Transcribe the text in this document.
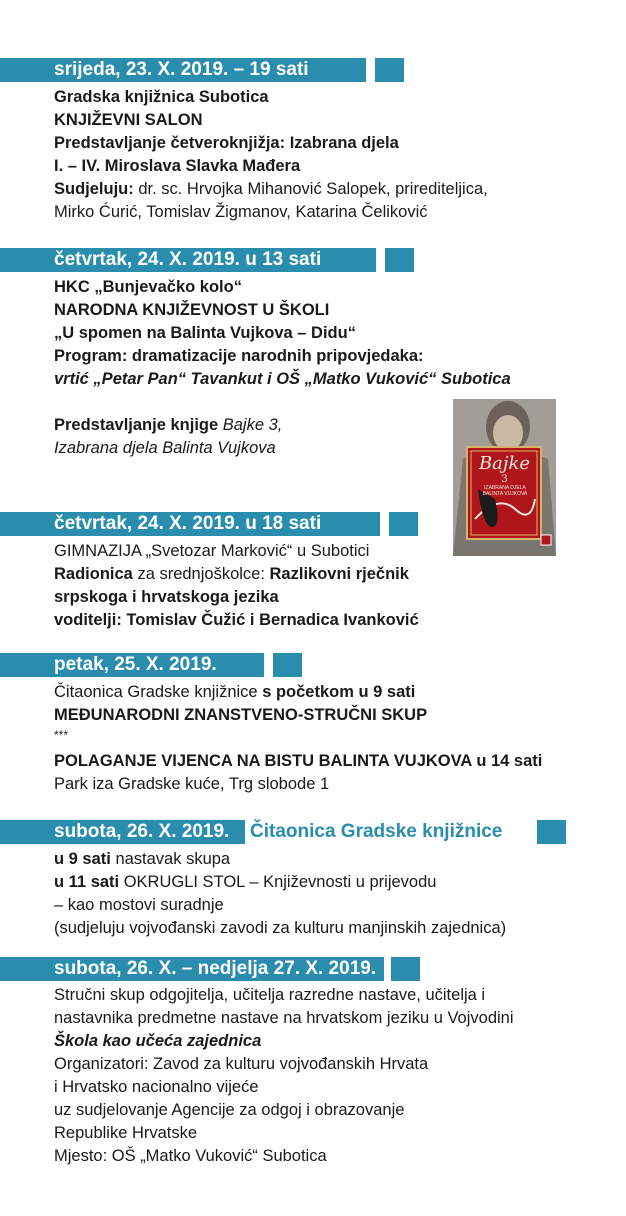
srijeda, 23. X. 2019. – 19 sati
Gradska knjižnica Subotica
KNJIŽEVNI SALON
Predstavljanje četveroknjižja: Izabrana djela
I. – IV. Miroslava Slavka Mađera
Sudjeluju: dr. sc. Hrvojka Mihanović Salopek, prirediteljica,
Mirko Ćurić, Tomislav Žigmanov, Katarina Čeliković
četvrtak, 24. X. 2019. u 13 sati
HKC „Bunjevačko kolo“
NARODNA KNJIŽEVNOST U ŠKOLI
„U spomen na Balinta Vujkova – Didu“
Program: dramatizacije narodnih pripovjedaka:
vrtić „Petar Pan“ Tavankut i OŠ „Matko Vuković“ Subotica
Predstavljanje knjige Bajke 3,
Izabrana djela Balinta Vujkova
Bajke
3
IZABRANA DJELA BALINTA VUJKOVA
četvrtak, 24. X. 2019. u 18 sati
GIMNAZIJA „Svetozar Marković“ u Subotici
Radionica za srednjoškolce: Razlikovni rječnik
srpskoga i hrvatskoga jezika
voditelji: Tomislav Čužić i Bernadica Ivanković
petak, 25. X. 2019.
Čitaonica Gradske knjižnice s početkom u 9 sati
MEĐUNARODNI ZNANSTVENO-STRUČNI SKUP
***
POLAGANJE VIJENCA NA BISTU BALINTA VUJKOVA u 14 sati
Park iza Gradske kuće, Trg slobode 1
subota, 26. X. 2019.	Čitaonica Gradske knjižnice
u 9 sati nastavak skupa
u 11 sati OKRUGLI STOL – Književnosti u prijevodu
– kao mostovi suradnje
(sudjeluju vojvođanski zavodi za kulturu manjinskih zajednica)
subota, 26. X. – nedjelja 27. X. 2019.
Stručni skup odgojitelja, učitelja razredne nastave, učitelja i
nastavnika predmetne nastave na hrvatskom jeziku u Vojvodini
Škola kao učeća zajednica
Organizatori: Zavod za kulturu vojvođanskih Hrvata
i Hrvatsko nacionalno vijeće
uz sudjelovanje Agencije za odgoj i obrazovanje
Republike Hrvatske
Mjesto: OŠ „Matko Vuković“ Subotica
